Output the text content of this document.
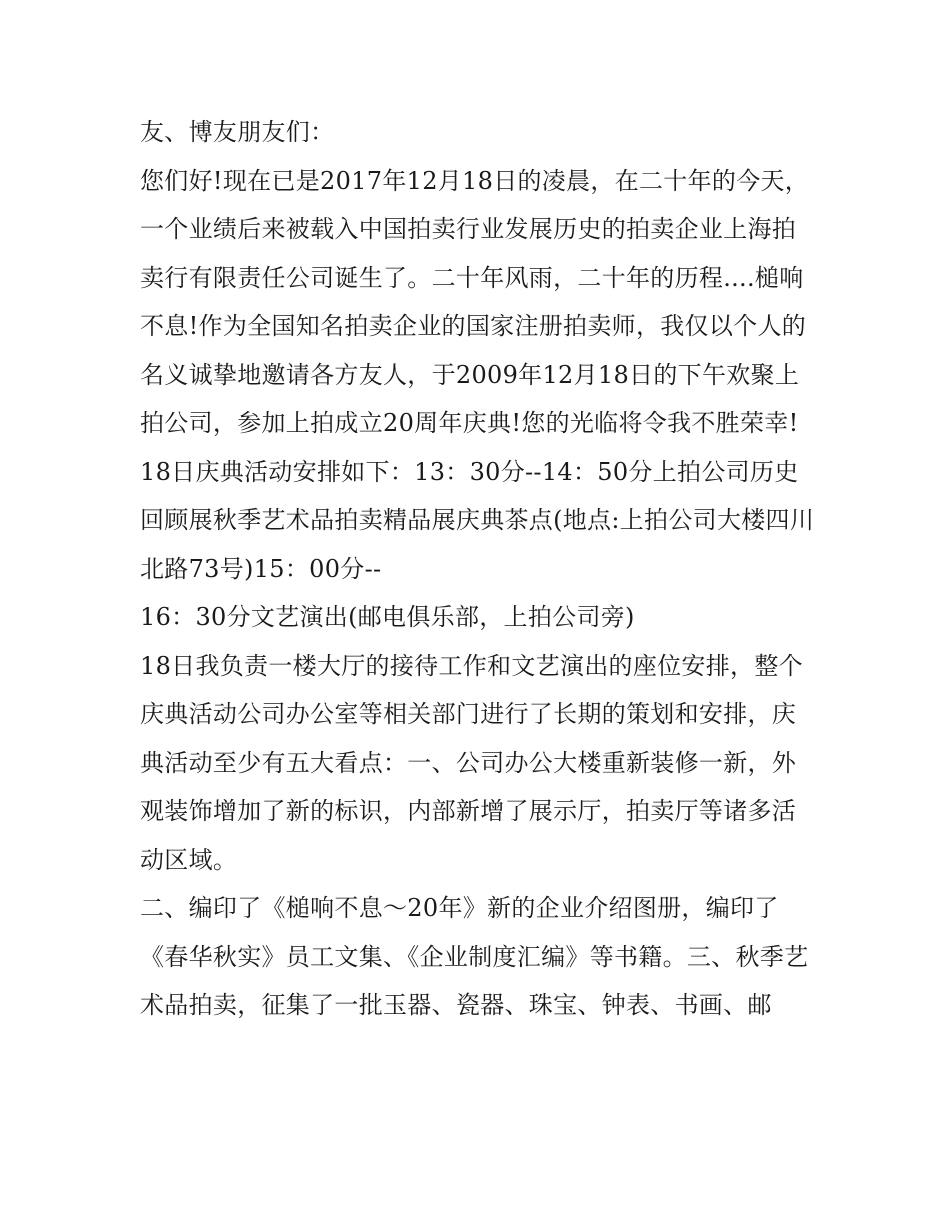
友、博友朋友们：

您们好!现在已是2017年12月18日的凌晨，在二十年的今天，一个业绩后来被载入中国拍卖行业发展历史的拍卖企业上海拍卖行有限责任公司诞生了。二十年风雨，二十年的历程....槌响不息!作为全国知名拍卖企业的国家注册拍卖师，我仅以个人的名义诚挚地邀请各方友人，于2009年12月18日的下午欢聚上拍公司，参加上拍成立20周年庆典!您的光临将令我不胜荣幸!

18日庆典活动安排如下：13：30分--14：50分上拍公司历史回顾展秋季艺术品拍卖精品展庆典茶点(地点:上拍公司大楼四川北路73号)15：00分--

16：30分文艺演出(邮电俱乐部，上拍公司旁)

18日我负责一楼大厅的接待工作和文艺演出的座位安排，整个庆典活动公司办公室等相关部门进行了长期的策划和安排，庆典活动至少有五大看点：一、公司办公大楼重新装修一新，外观装饰增加了新的标识，内部新增了展示厅，拍卖厅等诸多活动区域。

二、编印了《槌响不息～20年》新的企业介绍图册，编印了《春华秋实》员工文集、《企业制度汇编》等书籍。三、秋季艺术品拍卖，征集了一批玉器、瓷器、珠宝、钟表、书画、邮
